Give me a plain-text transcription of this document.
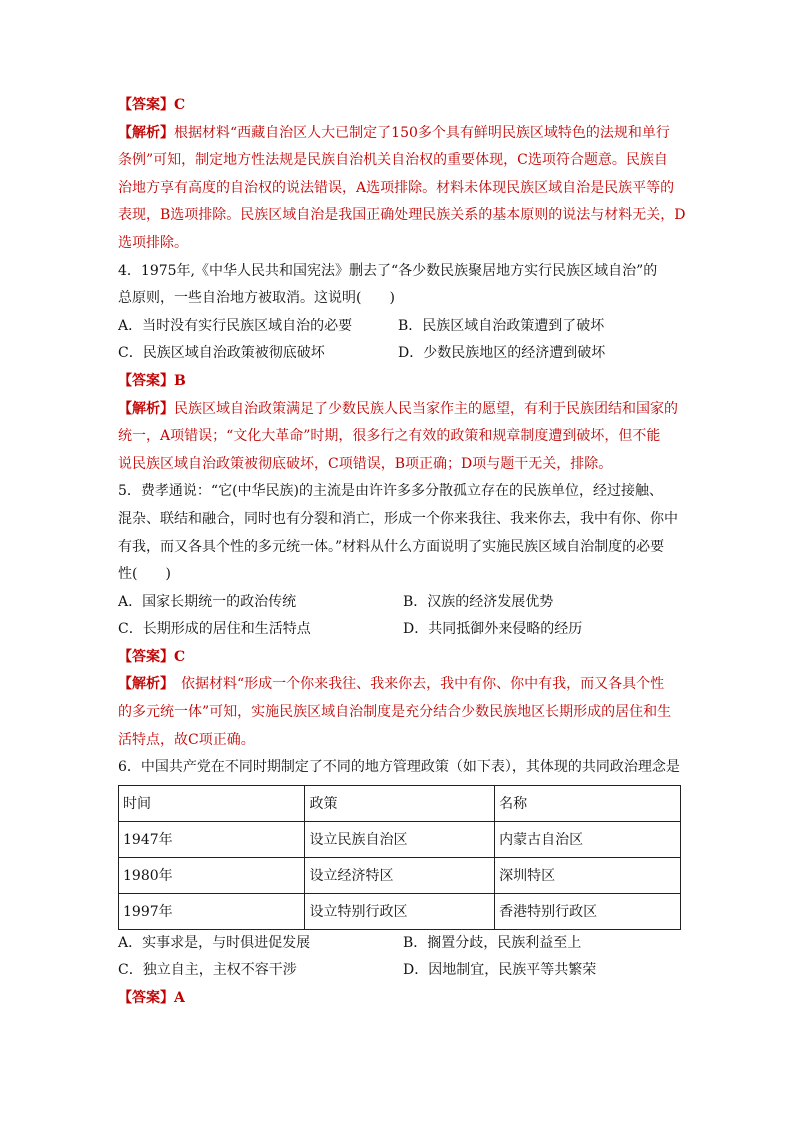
【答案】C

【解析】根据材料“西藏自治区人大已制定了150多个具有鲜明民族区域特色的法规和单行

条例”可知，制定地方性法规是民族自治机关自治权的重要体现，C选项符合题意。民族自

治地方享有高度的自治权的说法错误，A选项排除。材料未体现民族区域自治是民族平等的

表现，B选项排除。民族区域自治是我国正确处理民族关系的基本原则的说法与材料无关，D

选项排除。

4．1975年,《中华人民共和国宪法》删去了“各少数民族聚居地方实行民族区域自治”的

总原则，一些自治地方被取消。这说明(　　)

A．当时没有实行民族区域自治的必要	B．民族区域自治政策遭到了破坏
C．民族区域自治政策被彻底破坏	D．少数民族地区的经济遭到破坏

【答案】B

【解析】民族区域自治政策满足了少数民族人民当家作主的愿望，有利于民族团结和国家的

统一，A项错误；“文化大革命”时期，很多行之有效的政策和规章制度遭到破坏，但不能

说民族区域自治政策被彻底破坏，C项错误，B项正确；D项与题干无关，排除。

5．费孝通说：“它(中华民族)的主流是由许许多多分散孤立存在的民族单位，经过接触、

混杂、联结和融合，同时也有分裂和消亡，形成一个你来我往、我来你去，我中有你、你中

有我，而又各具个性的多元统一体。”材料从什么方面说明了实施民族区域自治制度的必要

性(　　)

A．国家长期统一的政治传统	B．汉族的经济发展优势
C．长期形成的居住和生活特点	D．共同抵御外来侵略的经历

【答案】C

【解析】　依据材料“形成一个你来我往、我来你去，我中有你、你中有我，而又各具个性

的多元统一体”可知，实施民族区域自治制度是充分结合少数民族地区长期形成的居住和生

活特点，故C项正确。

6．中国共产党在不同时期制定了不同的地方管理政策（如下表），其体现的共同政治理念是

时间	政策	名称
1947年	设立民族自治区	内蒙古自治区
1980年	设立经济特区	深圳特区
1997年	设立特别行政区	香港特别行政区
A．实事求是，与时俱进促发展	B．搁置分歧，民族利益至上
C．独立自主，主权不容干涉	D．因地制宜，民族平等共繁荣

【答案】A
